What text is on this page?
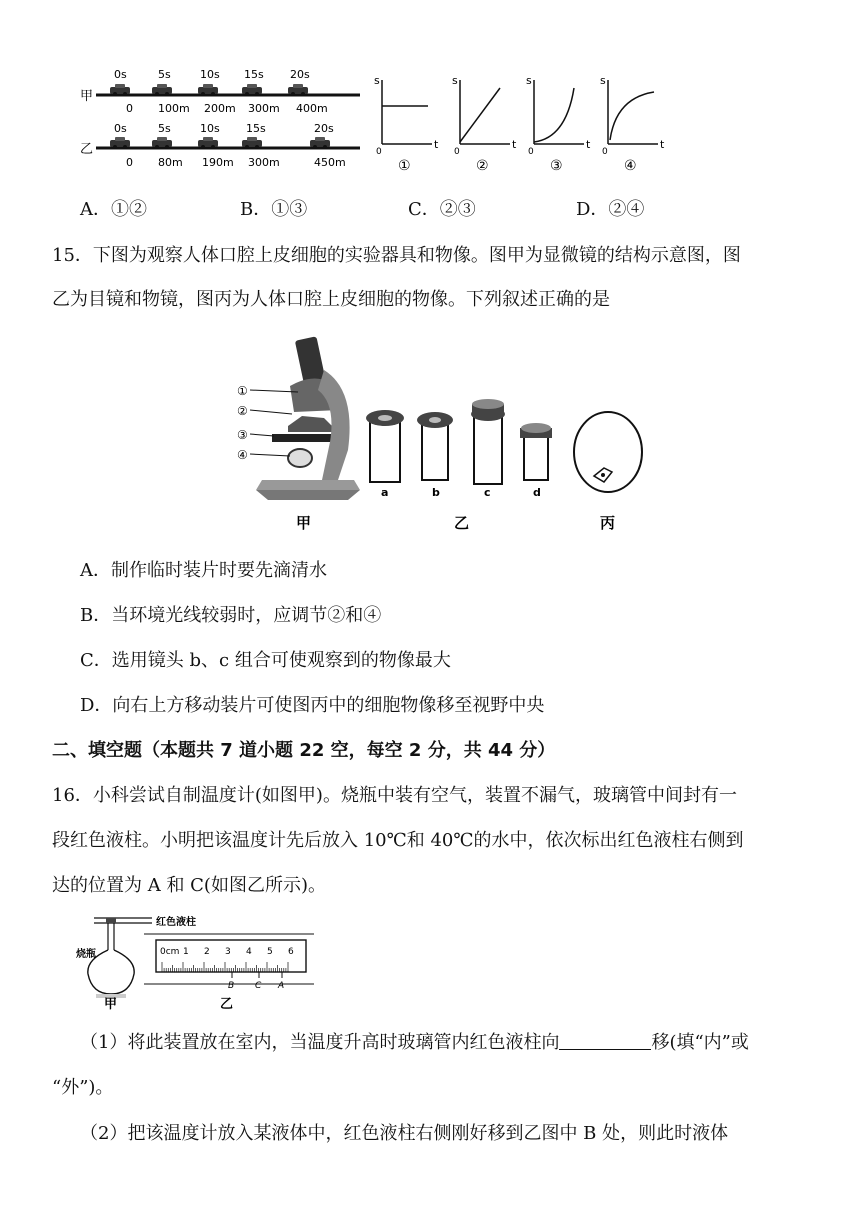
甲
0s	5s	10s 15s 20s
0 100m 200m 300m 400m
乙
0s	5s	10s 15s	20s
0 80m 190m 300m	450m
s
t
0
①
s
t
0
②
s
t
0
③
s
t
0
④
A．①②	B．①③	C．②③	D．②④
15．下图为观察人体口腔上皮细胞的实验器具和物像。图甲为显微镜的结构示意图，图
乙为目镜和物镜，图丙为人体口腔上皮细胞的物像。下列叙述正确的是
①
②
③
④
a	b	c	d
甲	乙	丙
A．制作临时装片时要先滴清水
B．当环境光线较弱时，应调节②和④
C．选用镜头 b、c 组合可使观察到的物像最大
D．向右上方移动装片可使图丙中的细胞物像移至视野中央
二、填空题（本题共 7 道小题 22 空，每空 2 分，共 44 分）
16．小科尝试自制温度计(如图甲)。烧瓶中装有空气，装置不漏气，玻璃管中间封有一
段红色液柱。小明把该温度计先后放入 10℃和 40℃的水中，依次标出红色液柱右侧到
达的位置为 A 和 C(如图乙所示)。
红色液柱
烧瓶	0cm 1 2 3 4 5 6
B C A
甲	乙
（1）将此装置放在室内，当温度升高时玻璃管内红色液柱向	移(填“内”或
“外”)。
（2）把该温度计放入某液体中，红色液柱右侧刚好移到乙图中 B 处，则此时液体
